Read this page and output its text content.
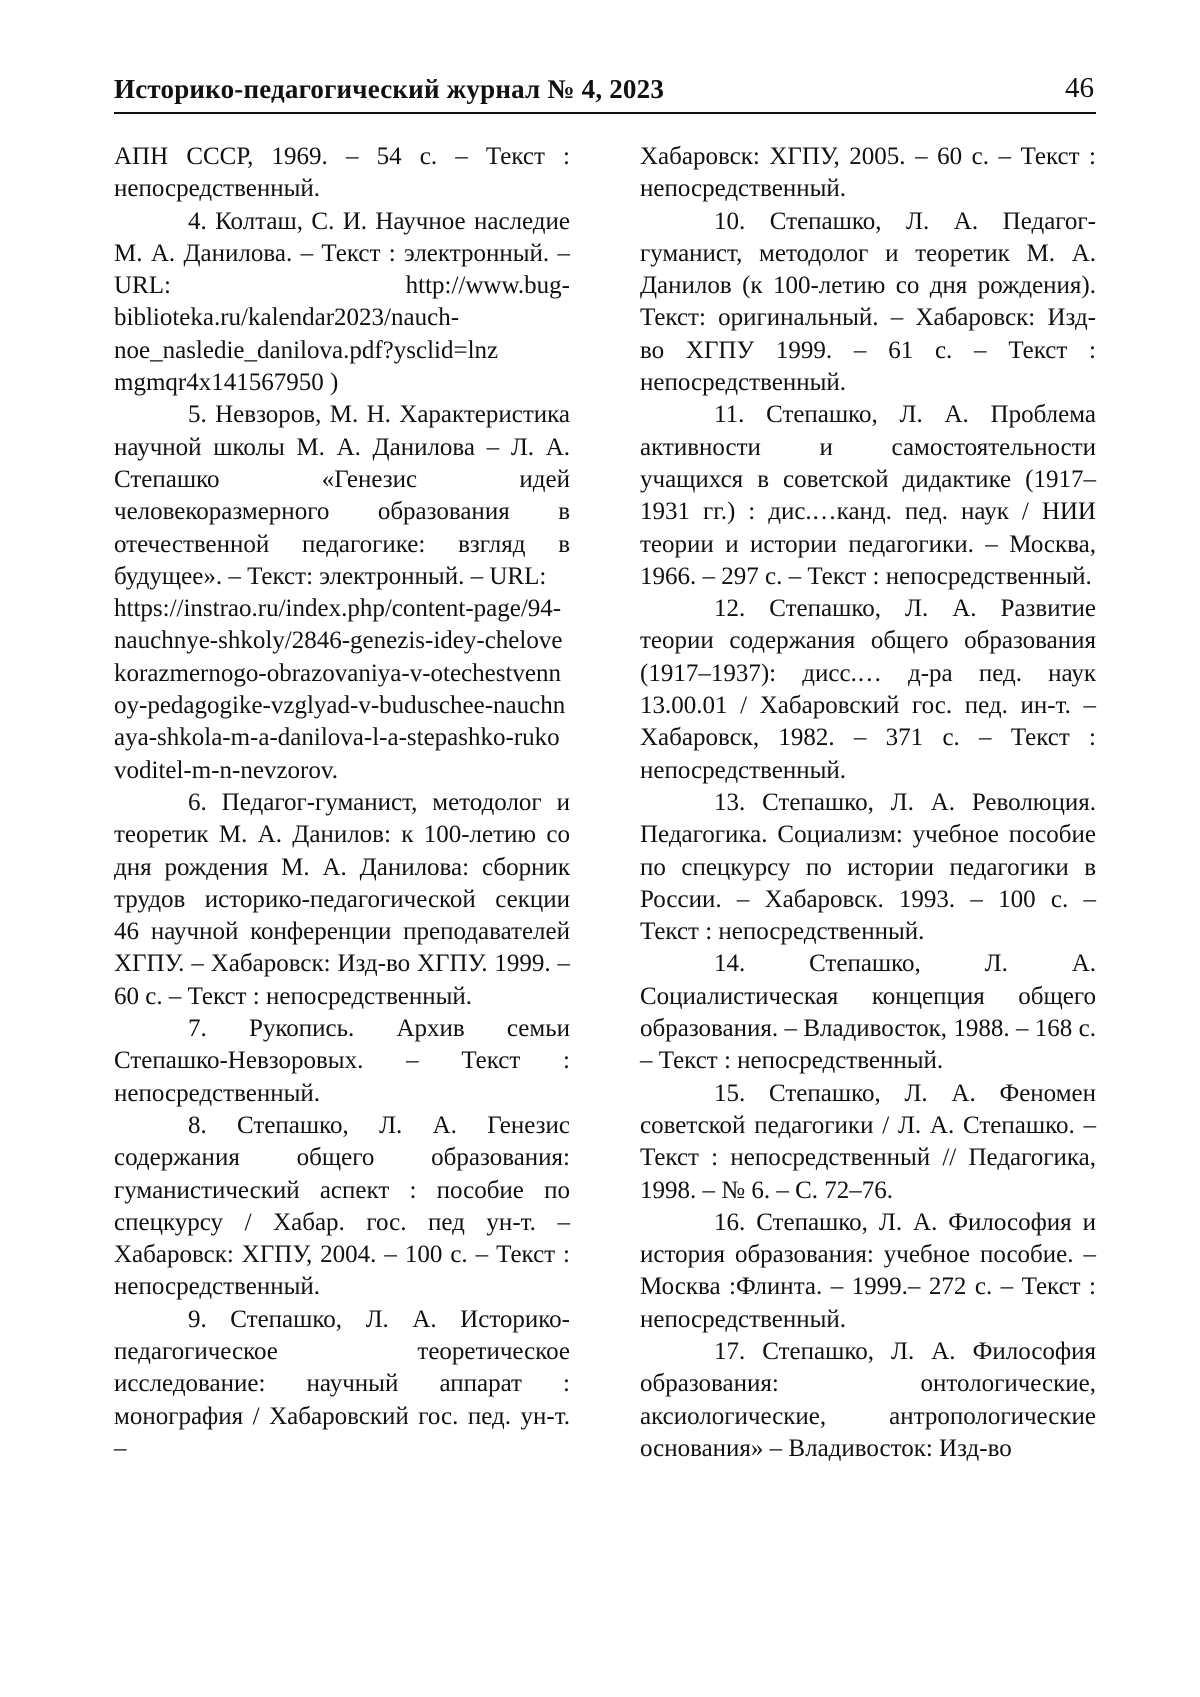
Историко-педагогический журнал № 4, 2023	46

АПН СССР, 1969. – 54 с. – Текст : непосредственный.

4. Колташ, С. И. Научное наследие М. А. Данилова. – Текст : электронный. – URL: http://www.bug-biblioteka.ru/kalendar2023/nauch-noe_nasledie_danilova.pdf?ysclid=lnz mgmqr4x141567950 )

5. Невзоров, М. Н. Характеристика научной школы М. А. Данилова – Л. А. Степашко «Генезис идей человекоразмерного образования в отечественной педагогике: взгляд в будущее». – Текст: электронный. – URL:

https://instrao.ru/index.php/content-page/94-nauchnye-shkoly/2846-genezis-idey-chelovekorazmernogo-obrazovaniya-v-otechestvennoy-pedagogike-vzglyad-v-buduschee-nauchnaya-shkola-m-a-danilova-l-a-stepashko-rukovoditel-m-n-nevzorov.

6. Педагог-гуманист, методолог и теоретик М. А. Данилов: к 100-летию со дня рождения М. А. Данилова: сборник трудов историко-педагогической секции 46 научной конференции преподавателей ХГПУ. – Хабаровск: Изд-во ХГПУ. 1999. – 60 с. – Текст : непосредственный.

7. Рукопись. Архив семьи Степашко-Невзоровых. – Текст : непосредственный.

8. Степашко, Л. А. Генезис содержания общего образования: гуманистический аспект : пособие по спецкурсу / Хабар. гос. пед ун-т. –Хабаровск: ХГПУ, 2004. – 100 с. – Текст : непосредственный.

9. Степашко, Л. А. Историко-педагогическое теоретическое исследование: научный аппарат : монография / Хабаровский гос. пед. ун-т. –

Хабаровск: ХГПУ, 2005. – 60 с. – Текст : непосредственный.

10. Степашко, Л. А. Педагог-гуманист, методолог и теоретик М. А. Данилов (к 100-летию со дня рождения). Текст: оригинальный. – Хабаровск: Изд-во ХГПУ 1999. – 61 с. – Текст : непосредственный.

11. Степашко, Л. А. Проблема активности и самостоятельности учащихся в советской дидактике (1917–1931 гг.) : дис.…канд. пед. наук / НИИ теории и истории педагогики. – Москва, 1966. – 297 с. – Текст : непосредственный.

12. Степашко, Л. А. Развитие теории содержания общего образования (1917–1937): дисс.… д-ра пед. наук 13.00.01 / Хабаровский гос. пед. ин-т. – Хабаровск, 1982. – 371 с. – Текст : непосредственный.

13. Степашко, Л. А. Революция. Педагогика. Социализм: учебное пособие по спецкурсу по истории педагогики в России. – Хабаровск. 1993. – 100 с. – Текст : непосредственный.

14. Степашко, Л. А. Социалистическая концепция общего образования. – Владивосток, 1988. – 168 с. – Текст : непосредственный.

15. Степашко, Л. А. Феномен советской педагогики / Л. А. Степашко. – Текст : непосредственный // Педагогика, 1998. – № 6. – С. 72–76.

16. Степашко, Л. А. Философия и история образования: учебное пособие. – Москва :Флинта. – 1999.– 272 с. – Текст : непосредственный.

17. Степашко, Л. А. Философия образования: онтологические, аксиологические, антропологические основания» – Владивосток: Изд-во
